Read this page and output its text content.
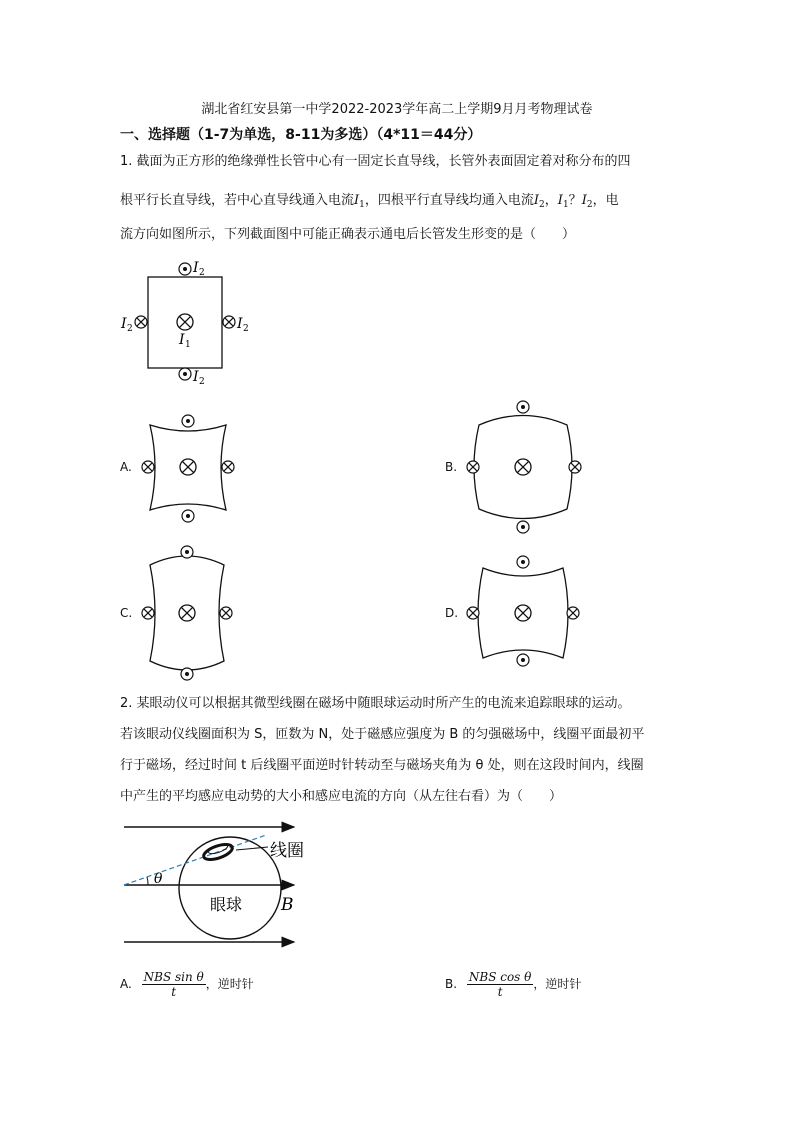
湖北省红安县第一中学2022-2023学年高二上学期9月月考物理试卷
一、选择题（1-7为单选，8-11为多选）（4*11＝44分）
1. 截面为正方形的绝缘弹性长管中心有一固定长直导线，长管外表面固定着对称分布的四
根平行长直导线，若中心直导线通入电流$I_1$，四根平行直导线均通入电流$I_2$，$I_1$？$I_2$，电
流方向如图所示，下列截面图中可能正确表示通电后长管发生形变的是（　　）
I 2
I 2
I 2	I 2
I 1
A.	B.
C.	D.
2. 某眼动仪可以根据其微型线圈在磁场中随眼球运动时所产生的电流来追踪眼球的运动。
若该眼动仪线圈面积为 S，匝数为 N，处于磁感应强度为 B 的匀强磁场中，线圈平面最初平
行于磁场，经过时间 t 后线圈平面逆时针转动至与磁场夹角为 θ 处，则在这段时间内，线圈
中产生的平均感应电动势的大小和感应电流的方向（从左往右看）为（　　）
θ
线圈
眼球 B
A. $\frac{\text{NBS sin θ}}{t}$ ，逆时针	B. $\frac{\text{NBS cos θ}}{t}$ ，逆时针
